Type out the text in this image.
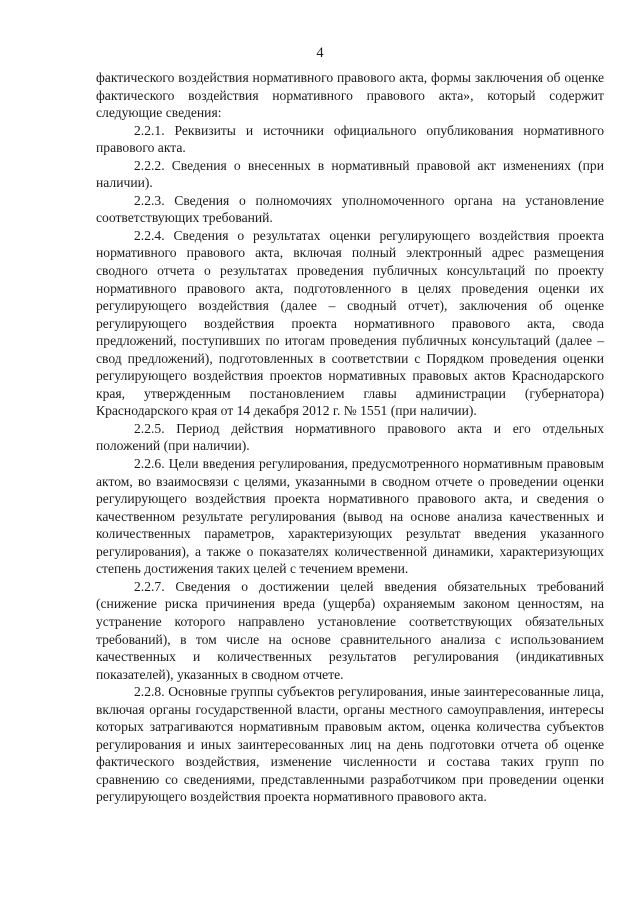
4

фактического воздействия нормативного правового акта, формы заключения об оценке фактического воздействия нормативного правового акта», который содержит следующие сведения:

2.2.1. Реквизиты и источники официального опубликования нормативного правового акта.

2.2.2. Сведения о внесенных в нормативный правовой акт изменениях (при наличии).

2.2.3. Сведения о полномочиях уполномоченного органа на установление соответствующих требований.

2.2.4. Сведения о результатах оценки регулирующего воздействия проекта нормативного правового акта, включая полный электронный адрес размещения сводного отчета о результатах проведения публичных консультаций по проекту нормативного правового акта, подготовленного в целях проведения оценки их регулирующего воздействия (далее – сводный отчет), заключения об оценке регулирующего воздействия проекта нормативного правового акта, свода предложений, поступивших по итогам проведения публичных консультаций (далее – свод предложений), подготовленных в соответствии с Порядком проведения оценки регулирующего воздействия проектов нормативных правовых актов Краснодарского края, утвержденным постановлением главы администрации (губернатора) Краснодарского края от 14 декабря 2012 г. № 1551 (при наличии).

2.2.5. Период действия нормативного правового акта и его отдельных положений (при наличии).

2.2.6. Цели введения регулирования, предусмотренного нормативным правовым актом, во взаимосвязи с целями, указанными в сводном отчете о проведении оценки регулирующего воздействия проекта нормативного правового акта, и сведения о качественном результате регулирования (вывод на основе анализа качественных и количественных параметров, характеризующих результат введения указанного регулирования), а также о показателях количественной динамики, характеризующих степень достижения таких целей с течением времени.

2.2.7. Сведения о достижении целей введения обязательных требований (снижение риска причинения вреда (ущерба) охраняемым законом ценностям, на устранение которого направлено установление соответствующих обязательных требований), в том числе на основе сравнительного анализа с использованием качественных и количественных результатов регулирования (индикативных показателей), указанных в сводном отчете.

2.2.8. Основные группы субъектов регулирования, иные заинтересованные лица, включая органы государственной власти, органы местного самоуправления, интересы которых затрагиваются нормативным правовым актом, оценка количества субъектов регулирования и иных заинтересованных лиц на день подготовки отчета об оценке фактического воздействия, изменение численности и состава таких групп по сравнению со сведениями, представленными разработчиком при проведении оценки регулирующего воздействия проекта нормативного правового акта.
